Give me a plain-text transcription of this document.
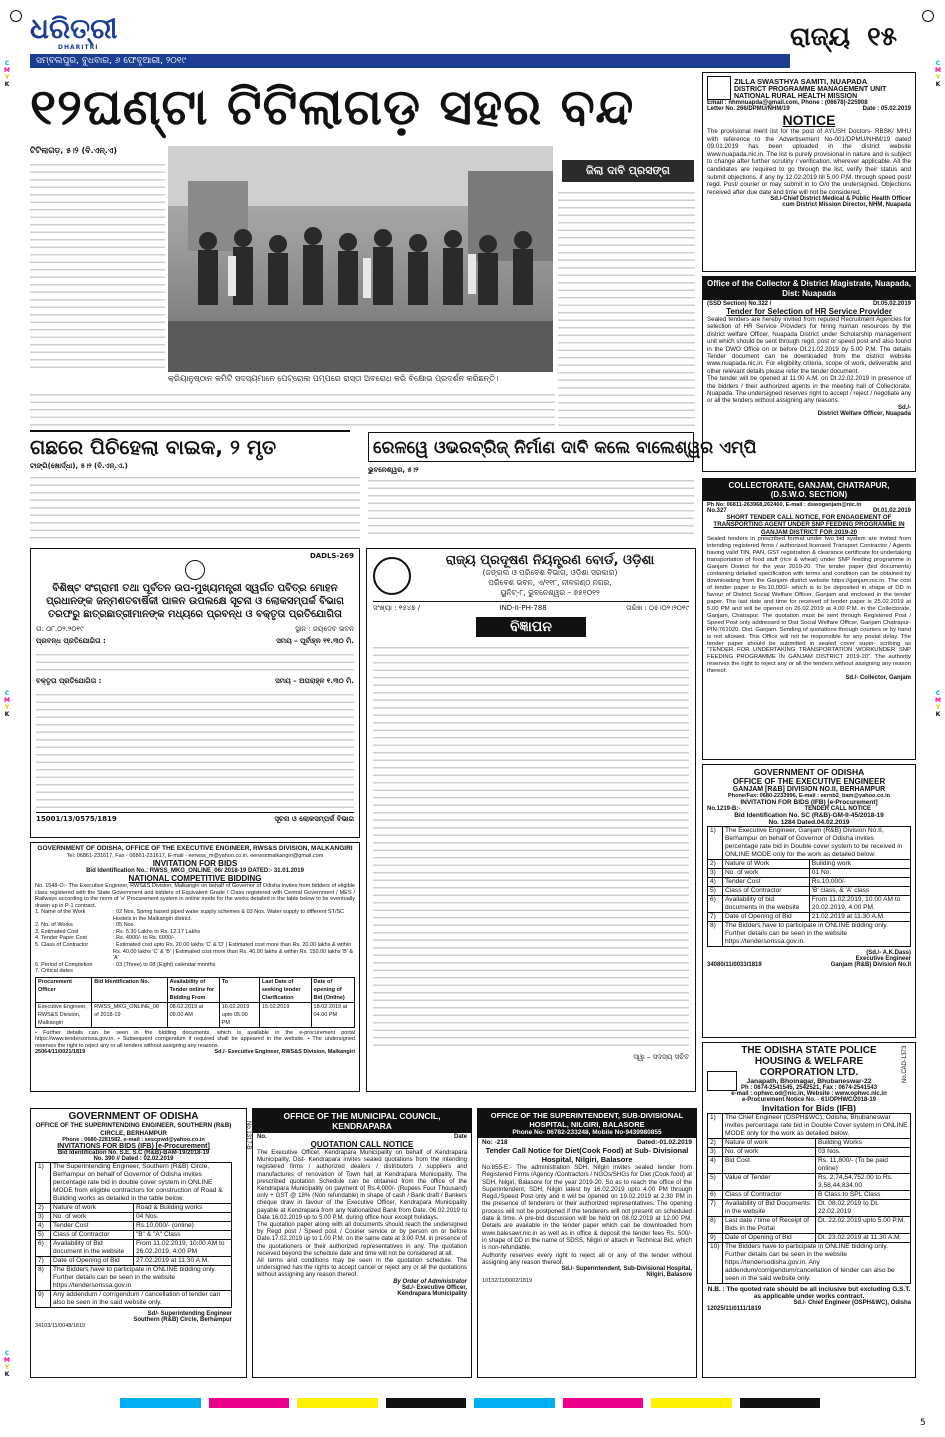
C
M
Y
K
C
M
Y
K
C
M
Y
K
C
M
Y
K
C
M
Y
K
ଧରିତ୍ରୀ
DHARITRI
ସମ୍ବଲପୁର, ବୁଧବାର, ୬ ଫେବୃଆରୀ, ୨୦୧୯
ରାଜ୍ୟ ୧୫
୧୨ଘଣ୍ଟା ଟିଟିଲାଗଡ଼ ସହର ବନ୍ଦ
ଟିଟିଲାଗଡ଼, ୫।୨ (ବି.ଏନ୍.ଏ)
କ୍ରିୟାନୁଷ୍ଠାନ କମିଟି ସଦସ୍ୟମାନେ ପେଟ୍ରୋଲ ପମ୍ପରେ ରାସ୍ତା ଅବରୋଧ କରି ବିକ୍ଷୋଭ ପ୍ରଦର୍ଶନ କରିଛନ୍ତି।
ଜିଲା ଦାବି ପ୍ରସଙ୍ଗ
ଗଛରେ ପିଚିହେଲା ବାଇକ, ୨ ମୃତ
ଟାଙ୍ଗି(ଖୋର୍ଦ୍ଧା), ୫।୨ (ବି.ଏନ୍.ଏ.)
ରେଳୱେ ଓଭରବ୍ରିଜ୍ ନିର୍ମାଣ ଦାବି କଲେ ବାଲେଶ୍ୱର ଏମ୍‌ପି
ଭୁବନେଶ୍ୱର, ୫।୨
DADLS-269
ବିଶିଷ୍ଟ ସଂଗ୍ରାମୀ ତଥା ପୂର୍ବତନ ଉପ-ମୁଖ୍ୟମନ୍ତ୍ରୀ ସ୍ୱର୍ଗତ ପବିତ୍ର ମୋହନ ପ୍ରଧାନଙ୍କ ଜନ୍ମଶତବାର୍ଷିକୀ ପାଳନ ଉପଲକ୍ଷେ ସୂଚନା ଓ ଲୋକସମ୍ପର୍କ ବିଭାଗ ତରଫରୁ ଛାତ୍ରଛାତ୍ରୀମାନଙ୍କ ମଧ୍ୟରେ ପ୍ରବନ୍ଧ ଓ ବକ୍ତୃତା ପ୍ରତିଯୋଗିତା
ତା: ୦୮.୦୨.୨୦୧୯	ସ୍ଥାନ : ଜୟଦେବ ଭବନ
ପ୍ରବନ୍ଧ ପ୍ରତିଯୋଗିତା :	ସମୟ – ପୂର୍ବାହ୍ନ ୧୧.୩୦ ମି.
ବକ୍ତୃତା ପ୍ରତିଯୋଗିତା :	ସମୟ – ଅପରାହ୍ନ ୧.୩୦ ମି.
15001/13/0575/1819	ସୂଚନା ଓ ଲୋକସମ୍ପର୍କ ବିଭାଗ
GOVERNMENT OF ODISHA, OFFICE OF THE EXECUTIVE ENGINEER, RWS&S DIVISION, MALKANGIRI
Tel: 06861-231617, Fax - 06861-231617, E-mail - eerwss_m@yahoo.co.in, eerwssmalkangiri@gmail.com
INVITATION FOR BIDS
Bid Identification No.: RWSS_MKG_ONLINE_06/ 2018-19 DATED:- 31.01.2019
NATIONAL COMPETITIVE BIDDING
No. 1548-O:- The Executive Engineer, RWS&S Division, Malkangiri on behalf of Governor of Odisha invites from bidders of eligible class registered with the State Government and bidders of Equivalent Grade / Class registered with Central Government / MES / Railways according to the norm of 'e' Procurement system in online mode for the works detailed in the table below to be eventually drawn up in P-1 contract.
1. Name of the Work	: 02 Nos. Spring based piped water supply schemes & 03 Nos. Water supply to different ST/SC Hostels in the Malkangiri district.
2. No. of Works	: 05 Nos.
3. Estimated Cost	: Rs. 5.30 Lakhs to Rs. 12.17 Lakhs
4. Tender Paper Cost	: Rs. 4000/- to Rs. 6000/-
5. Class of Contractor	: Estimated cost upto Rs. 20.00 lakhs 'C' & 'D' | Estimated cost more than Rs. 20.00 lakhs & within Rs. 40.00 lakhs 'C' & 'B' | Estimated cost more than Rs. 40.00 lakhs & within Rs. 150.00 lakhs 'B' & 'A'
6. Period of Completion	: 03 (Three) to 08 (Eight) calendar months
7. Critical dates
Procurement Officer	Bid Identification No.	Availability of Tender online for Bidding From	To	Last Date of seeking tender Clarification	Date of opening of Bid (Online)
Executive Engineer, RWS&S Division, Malkangiri	RWSS_MKG_ONLINE_06 of 2018-19	08.02.2019 at 09.00 AM	16.02.2019 upto 05.00 PM	15.02.2019	18.02.2019 at 04.00 PM
• Further details can be seen in the bidding documents, which is available in the e-procurement portal https://www.tendersorissa.gov.in. • Subsequent corrigendum if required shall be appeared in the website. • The undersigned reserves the right to reject any or all tenders without assigning any reasons.
25064/11/0021/1819	Sd./- Executive Engineer, RWS&S Division, Malkangiri
ରାଜ୍ୟ ପ୍ରଦୂଷଣ ନିୟନ୍ତ୍ରଣ ବୋର୍ଡ, ଓଡ଼ିଶା
(ଜଙ୍ଗଲ ଓ ପରିବେଶ ବିଭାଗ, ଓଡ଼ିଶା ସରକାର)
ପରିବେଶ ଭବନ, ଏ/୧୧୮, ନୀଳକଣ୍ଠ ନଗର,
ୟୁନିଟ୍-୮, ଭୁବନେଶ୍ୱର – ୭୫୧୦୧୨
ସଂଖ୍ୟା : ୧୫୪୭ /	IND-II-PH-788	ତାରିଖ : ୦୫।୦୨।୨୦୧୯
ବିଜ୍ଞାପନ
ସ୍ୱା – ସଦସ୍ୟ ସଚିବ
ZILLA SWASTHYA SAMITI, NUAPADA
DISTRICT PROGRAMME MANAGEMENT UNIT
NATIONAL RURAL HEALTH MISSION
Email : nhmnuapda@gmail.com, Phone : (06678)-225908
Letter No. 266/DPMU/NHM/19	Date : 05.02.2019
NOTICE
The provisional merit list for the post of AYUSH Doctors- RBSK/ MHU with reference to the Advertisement No-001/DPMU/NHM/19 dated 09.01.2019 has been uploaded in the district website www.nuapada.nic.in. The list is purely provisional in nature and is subject to change after further scrutiny / verification, wherever applicable. All the candidates are required to go through the list, verify their status and submit objections, if any by 12.02.2019 till 5.00 P.M. through speed post/ regd. Post/ courier or may submit in to O/o the undersigned. Objections received after due date and time will not be considered.
Sd./-Chief District Medical & Public Health Officer
cum District Mission Director, NHM, Nuapada
Office of the Collector & District Magistrate, Nuapada, Dist: Nuapada
(SSD Section) No.322 /	Dt.05.02.2019
Tender for Selection of HR Service Provider
Sealed tenders are hereby invited from reputed Recruitment Agencies for selection of HR Service Providers for hiring human resources by the district welfare Officer, Nuapada District under Scholarship management unit which should be sent through regd. post or speed post and also found in the DWO Office on or before Dt.21.02.2019 by 5.00 P.M. The details Tender document can be downloaded from the district website www.nuapada.nic.in. For eligibility criteria, scope of work, deliverable and other relevant details please refer the tender document.
The tender will be opened at 11.00 A.M. on Dt.22.02.2019 in presence of the bidders / their authorized agents in the meeting hall of Collectorate, Nuapada. The undersigned reserves right to accept / reject / negotiate any or all the tenders without assigning any reasons.
Sd./-
District Welfare Officer, Nuapada
COLLECTORATE, GANJAM, CHATRAPUR,
(D.S.W.O. SECTION)
Ph No: 06811-263968,262460, E-mail : dswoganjam@nic.in
No.327	Dt.01.02.2019
SHORT TENDER CALL NOTICE, FOR ENGAGEMENT OF TRANSPORTING AGENT UNDER SNP FEEDING PROGRAMME IN GANJAM DISTRICT FOR 2019-20
Sealed tenders in prescribed format under two bid system are invited from intending registered firms / authorized licensed Transport Contractor / Agents having valid TIN, PAN, GST registration & clearance certificate for undertaking transportation of food stuff (rice & wheat) under SNP feeding programme in Ganjam District for the year 2019-20. The tender paper (bid documents) containing detailed specification with terms and condition can be obtained by downloading from the Ganjam district website https://ganjam.nic.in. The cost of tender paper is Rs.10,000/- which is to be deposited in shape of DD in favour of District Social Welfare Officer, Ganjam and enclosed in the tender paper. The last date and time for received of tender paper is 25.02.2019 at 5.00 PM and will be opened on 26.02.2019 at 4.00 P.M. in the Collectorate, Ganjam, Chatrapur. The quotation must be sent through Registered Post / Speed Post only addressed to Dist Social Welfare Officer, Ganjam Chatrapur- PIN-761020. Dist. Ganjam. Sending of quotations through couriers or by hand is not allowed. This Office will not be responsible for any postal delay. The tender paper should be submitted in sealed cover super- scribing as "TENDER FOR UNDERTAKING TRANSPORTATION WORKUNDER SNP FEEDING PROGRAMME IN GANJAM DISTRICT 2019-20". The authority reserves the right to reject any or all the tenders without assigning any reason thereof.
Sd./- Collector, Ganjam
GOVERNMENT OF ODISHA
OFFICE OF THE EXECUTIVE ENGINEER
GANJAM [R&B] DIVISION NO.II, BERHAMPUR
Phone/Fax: 0680-2233996, E-mail : eernb2_bam@yahoo.co.in
INVITATION FOR BIDS (IFB) [e-Procurement]
No.1219-B:-	TENDER CALL NOTICE
Bid Identification No. SC (R&B)-GM-II-45/2018-19
No. 1284 Dated.04.02.2019
1)	The Executive Engineer, Ganjam (R&B) Division No.II, Berhampur on behalf of Governor of Odisha invites percentage rate bid in Double cover system to be received in ONLINE MODE only for the work as detailed below:	
2)	Nature of Work	Building work
3)	No. of work	01 No.
4)	Tender Cost	Rs.10,000/-
5)	Class of Contractor	'B' class, & 'A' class
6)	Availability of bid documents in the website	From 11.02.2019, 10.00 AM to 20.02.2019, 4.00 PM.
7)	Date of Opening of Bid	21.02.2019 at 11.30 A.M.
8)	The Bidders have to participate in ONLINE bidding only. Further details can be seen in the website https://tendersorissa.gov.in.	
(Sd./- A.K.Dass)
Executive Engineer
34080/11/0033/1819	Ganjam (R&B) Division No.II
No.CAD-1373
THE ODISHA STATE POLICE
HOUSING & WELFARE
CORPORATION LTD.
Janapath, Bhoinagar, Bhubaneswar-22
Ph : 0674-2541545, 2542521, Fax : 0674-2541543
e-mail : ophwc.od@nic.in, Website : www.ophwc.nic.in
e-Procurement Notice No. - 61/OPHWC/2018-19
Invitation for Bids (IFB)
1)	The Chief Engineer (OSPH&WC), Odisha, Bhubaneswar invites percentage rate bid in Double Cover system in ONLINE MODE only for the work as detailed below.	
2)	Nature of work	Building Works
3)	No. of work	03 Nos.
4)	Bid Cost	Rs. 11,800/- (To be paid online)
5)	Value of Tender	Rs. 2,74,54,752.00 to Rs. 3,58,44,834.00
6)	Class of Contractor	B Class to SPL Class
7)	Availability of Bid Documents in the website	Dt. 08.02.2019 to Dt. 22.02.2019
8)	Last date / time of Receipt of Bids in the Portal	Dt. 22.02.2019 upto 5.00 P.M.
9)	Date of Opening of Bid	Dt. 23.02.2019 at 11.30 A.M.
10)	The Bidders have to participate in ONLINE bidding only. Further details can be seen in the website https://tendersodisha.gov.in. Any addendum/corrigendum/cancellation of tender can also be seen in the said website only.	
N.B. : The quoted rate should be all inclusive but excluding G.S.T. as applicable under works contract.
Sd./- Chief Engineer (OSPH&WC), Odisha
12025/11/0111/1819
No.1317-B
GOVERNMENT OF ODISHA
OFFICE OF THE SUPERINTENDING ENGINEER, SOUTHERN (R&B) CIRCLE, BERHAMPUR
Phone : 0680-2281582, e-mail : sescpwd@yahoo.co.in
INVITATIONS FOR BIDS (IFB) [e-Procurement]
Bid Identification No. S.E. S.C (R&B)-BAM-19/2018-19
No. 390 // Dated : 02.02.2019
1)	The Superintending Engineer, Southern (R&B) Circle, Berhampur on behalf of Governor of Odisha invites percentage rate bid in double cover system in ONLINE MODE from eligible contractors for construction of Road & Building works as detailed in the table below.	
2)	Nature of work	Road & Building works
3)	No. of work	04 Nos.
4)	Tender Cost	Rs.10,000/- (online)
5)	Class of Contractor	"B" & "A" Class
6)	Availability of Bid document in the website	From 11.02.2019, 10:00 AM to 26.02.2019, 4:00 PM
7)	Date of Opening of Bid	27.02.2019 at 11.30 A.M.
8)	The Bidders have to participate in ONLINE bidding only. Further details can be seen in the website https://tendersorissa.gov.in	
9)	Any addendum / corrigendum / cancellation of tender can also be seen in the said website only.	
Sd/- Superintending Engineer
Southern (R&B) Circle, Berhampur
34103/11/0048/1819
OFFICE OF THE MUNICIPAL COUNCIL, KENDRAPARA
No.	Date
QUOTATION CALL NOTICE
The Executive Officer, Kendrapara Municipality on behalf of Kendrapara Municipality, Dist- Kendrapara invites sealed quotations from the intending registered firms / authorized dealers / distributors / suppliers and manufactures of renovation of Town hall at Kendrapara Municipality. The prescribed quotation Schedule can be obtained from the office of the Kendrapara Municipality on payment of Rs.4,000/- (Rupees Four Thousand) only + GST @ 18% (Non refundable) in shape of cash / Bank draft / Bankers cheque draw in favour of the Executive Officer, Kendrapara Municipality payable at Kendrapara from any Nationalized Bank from Date. 06.02.2019 to Date.16.02.2019 up to 5.00 P.M. during office hour except holidays.
The quotation paper along with all documents should reach the undersigned by Regd post / Speed post / Courier service or by person on or before Date.17.02.2019 up to 1.00 P.M. on the same date at 3.00 P.M. in presence of the quotationers or their authorized representatives in any. The quotation received beyond the schedule date and time will not be considered at all.
All terms and conditions may be seen in the quotation schedule. The undersigned has the rights to accept cancel or reject any or all the quotations without assigning any reason thereof.
By Order of Administrator
Sd./- Executive Officer,
Kendrapara Municipality
OFFICE OF THE SUPERINTENDENT, SUB-DIVISIONAL HOSPITAL, NILGIRI, BALASORE
Phone No- 06782-233248, Mobile No-9439980855
No: -218	Dated:-01.02.2019
Tender Call Notice for Diet(Cook Food) at Sub- Divisional Hospital, Nilgiri, Balasore
No.855-E:- The administration SDH, Nilgiri invites sealed tender from Registered Firms /Agency /Contractors / NGOs/SHGs for Diet (Cook food) at SDH, Nilgiri, Balasore for the year 2019-20. So as to reach the office of the Superintendent, SDH, Nilgiri latest by 16.02.2019 upto 4.00 PM through Regd./Speed Post only and it will be opened on 19.02.2019 at 2.30 PM in the presence of tenderers or their authorized representatives. The opening process will not be postponed if the tenderers will not present on scheduled date & time. A pre-bid discussion will be held on 08.02.2019 at 12.00 PM. Details are available in the tender paper which can be downloaded from www.balesawr.nic.in as well as in office & deposit the tender fees Rs. 500/- in shape of DD in the name of SDSS, Nilgiri or attach in Technical Bid, which is non-refundable.
Authority reserves every right to reject all or any of the tender without assigning any reason thereof.
Sd./- Superintendent, Sub-Divisional Hospital,
Nilgiri, Balasore
10132/11/0002/1819
5
